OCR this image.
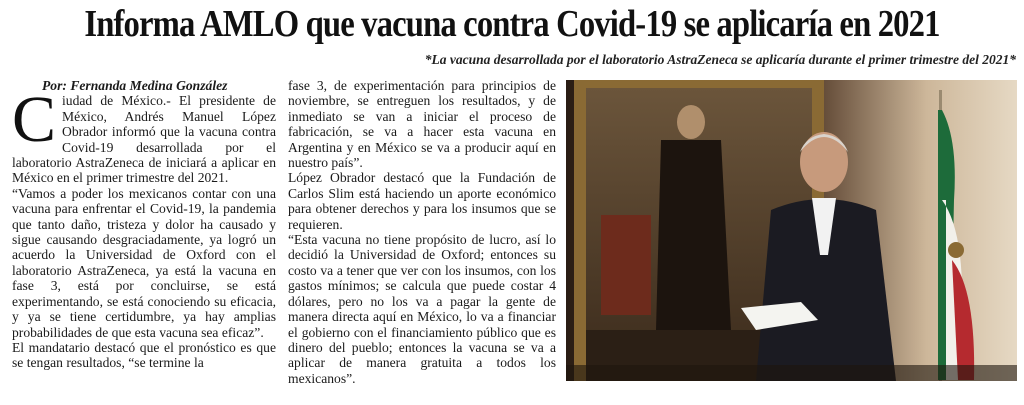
Informa AMLO que vacuna contra Covid-19 se aplicaría en 2021
*La vacuna desarrollada por el laboratorio AstraZeneca se aplicaría durante el primer trimestre del 2021*

Por: Fernanda Medina González

Ciudad de México.- El presidente de México, Andrés Manuel López Obrador informó que la vacuna contra Covid-19 desarrollada por el laboratorio AstraZeneca de iniciará a aplicar en México en el primer trimestre del 2021.

“Vamos a poder los mexicanos contar con una vacuna para enfrentar el Covid-19, la pandemia que tanto daño, tristeza y dolor ha causado y sigue causando desgraciadamente, ya logró un acuerdo la Universidad de Oxford con el laboratorio AstraZeneca, ya está la vacuna en fase 3, está por concluirse, se está experimentando, se está conociendo su eficacia, y ya se tiene certidumbre, ya hay amplias probabilidades de que esta vacuna sea eficaz”.

El mandatario destacó que el pronóstico es que se tengan resultados, “se termine la

fase 3, de experimentación para principios de noviembre, se entreguen los resultados, y de inmediato se van a iniciar el proceso de fabricación, se va a hacer esta vacuna en Argentina y en México se va a producir aquí en nuestro país”.

López Obrador destacó que la Fundación de Carlos Slim está haciendo un aporte económico para obtener derechos y para los insumos que se requieren.

“Esta vacuna no tiene propósito de lucro, así lo decidió la Universidad de Oxford; entonces su costo va a tener que ver con los insumos, con los gastos mínimos; se calcula que puede costar 4 dólares, pero no los va a pagar la gente de manera directa aquí en México, lo va a financiar el gobierno con el financiamiento público que es dinero del pueblo; entonces la vacuna se va a aplicar de manera gratuita a todos los mexicanos”.
